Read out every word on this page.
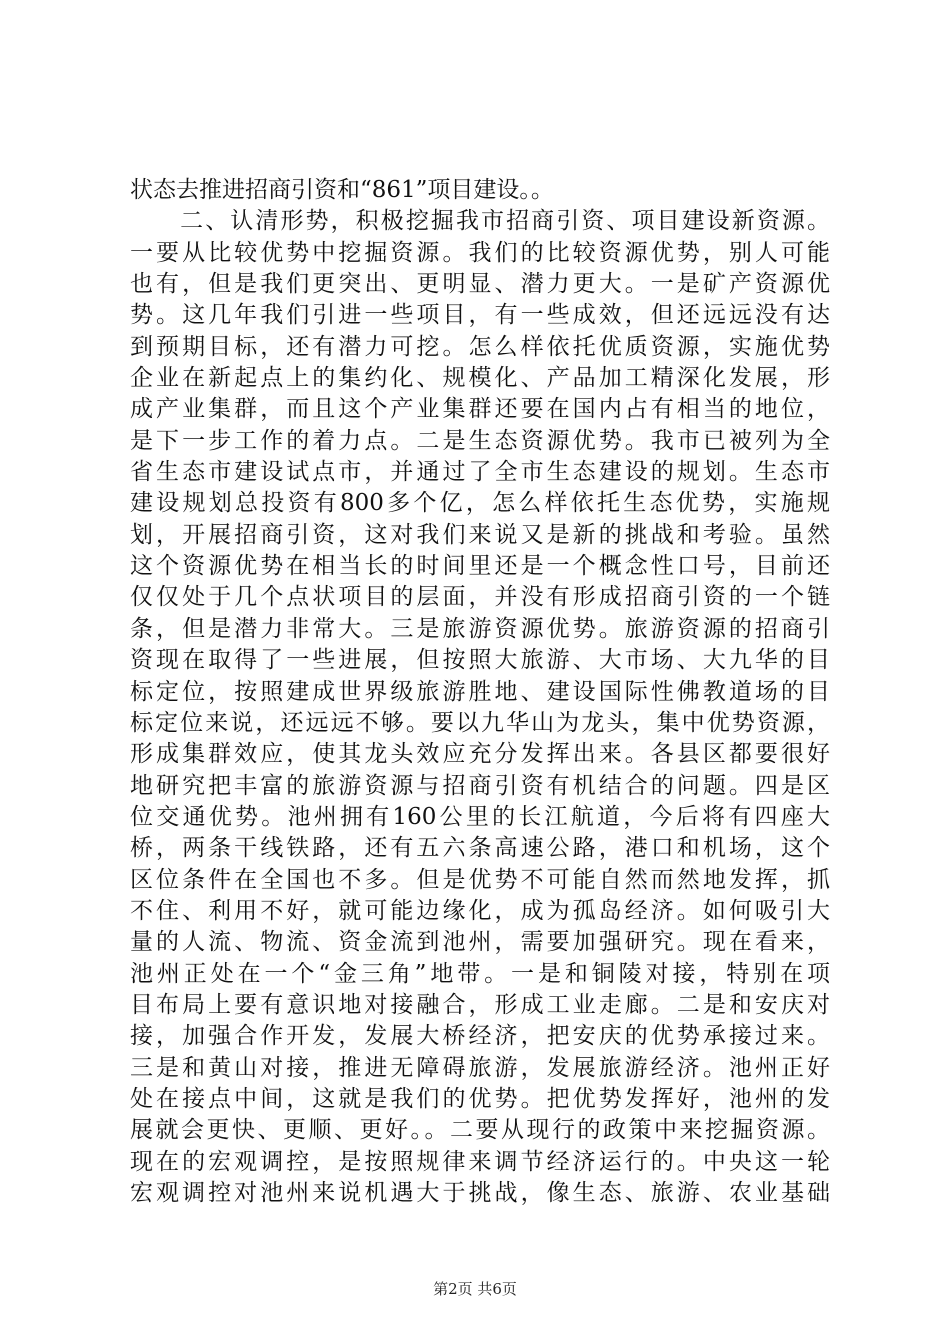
状态去推进招商引资和“861”项目建设。。
　　二、认清形势，积极挖掘我市招商引资、项目建设新资源。
一要从比较优势中挖掘资源。我们的比较资源优势，别人可能
也有，但是我们更突出、更明显、潜力更大。一是矿产资源优
势。这几年我们引进一些项目，有一些成效，但还远远没有达
到预期目标，还有潜力可挖。怎么样依托优质资源，实施优势
企业在新起点上的集约化、规模化、产品加工精深化发展，形
成产业集群，而且这个产业集群还要在国内占有相当的地位，
是下一步工作的着力点。二是生态资源优势。我市已被列为全
省生态市建设试点市，并通过了全市生态建设的规划。生态市
建设规划总投资有800多个亿，怎么样依托生态优势，实施规
划，开展招商引资，这对我们来说又是新的挑战和考验。虽然
这个资源优势在相当长的时间里还是一个概念性口号，目前还
仅仅处于几个点状项目的层面，并没有形成招商引资的一个链
条，但是潜力非常大。三是旅游资源优势。旅游资源的招商引
资现在取得了一些进展，但按照大旅游、大市场、大九华的目
标定位，按照建成世界级旅游胜地、建设国际性佛教道场的目
标定位来说，还远远不够。要以九华山为龙头，集中优势资源，
形成集群效应，使其龙头效应充分发挥出来。各县区都要很好
地研究把丰富的旅游资源与招商引资有机结合的问题。四是区
位交通优势。池州拥有160公里的长江航道，今后将有四座大
桥，两条干线铁路，还有五六条高速公路，港口和机场，这个
区位条件在全国也不多。但是优势不可能自然而然地发挥，抓
不住、利用不好，就可能边缘化，成为孤岛经济。如何吸引大
量的人流、物流、资金流到池州，需要加强研究。现在看来，
池州正处在一个“金三角”地带。一是和铜陵对接，特别在项
目布局上要有意识地对接融合，形成工业走廊。二是和安庆对
接，加强合作开发，发展大桥经济，把安庆的优势承接过来。
三是和黄山对接，推进无障碍旅游，发展旅游经济。池州正好
处在接点中间，这就是我们的优势。把优势发挥好，池州的发
展就会更快、更顺、更好。。二要从现行的政策中来挖掘资源。
现在的宏观调控，是按照规律来调节经济运行的。中央这一轮
宏观调控对池州来说机遇大于挑战，像生态、旅游、农业基础
第2页 共6页
